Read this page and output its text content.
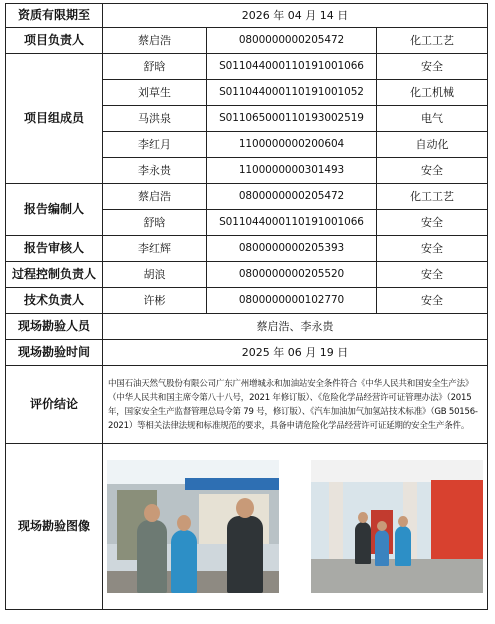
资质有限期至	2026 年 04 月 14 日		
项目负责人	蔡启浩	0800000000205472	化工工艺
项目组成员	舒晗	S011044000110191001066	安全
	刘草生	S011044000110191001052	化工机械
	马洪泉	S011065000110193002519	电气
	李红月	1100000000200604	自动化
	李永贵	1100000000301493	安全
报告编制人	蔡启浩	0800000000205472	化工工艺
	舒晗	S011044000110191001066	安全
报告审核人	李红辉	0800000000205393	安全
过程控制负责人	胡浪	0800000000205520	安全
技术负责人	许彬	0800000000102770	安全
现场勘验人员	蔡启浩、李永贵		
现场勘验时间	2025 年 06 月 19 日		
评价结论	中国石油天然气股份有限公司广东广州增城永和加油站安全条件符合《中华人民共和国安全生产法》（中华人民共和国主席令第八十八号，2021 年修订版）、《危险化学品经营许可证管理办法》（2015 年，国家安全生产监督管理总局令第 79 号，修订版）、《汽车加油加气加氢站技术标准》（GB 50156-2021）等相关法律法规和标准规范的要求，具备申请危险化学品经营许可证延期的安全生产条件。		
现场勘验图像			
